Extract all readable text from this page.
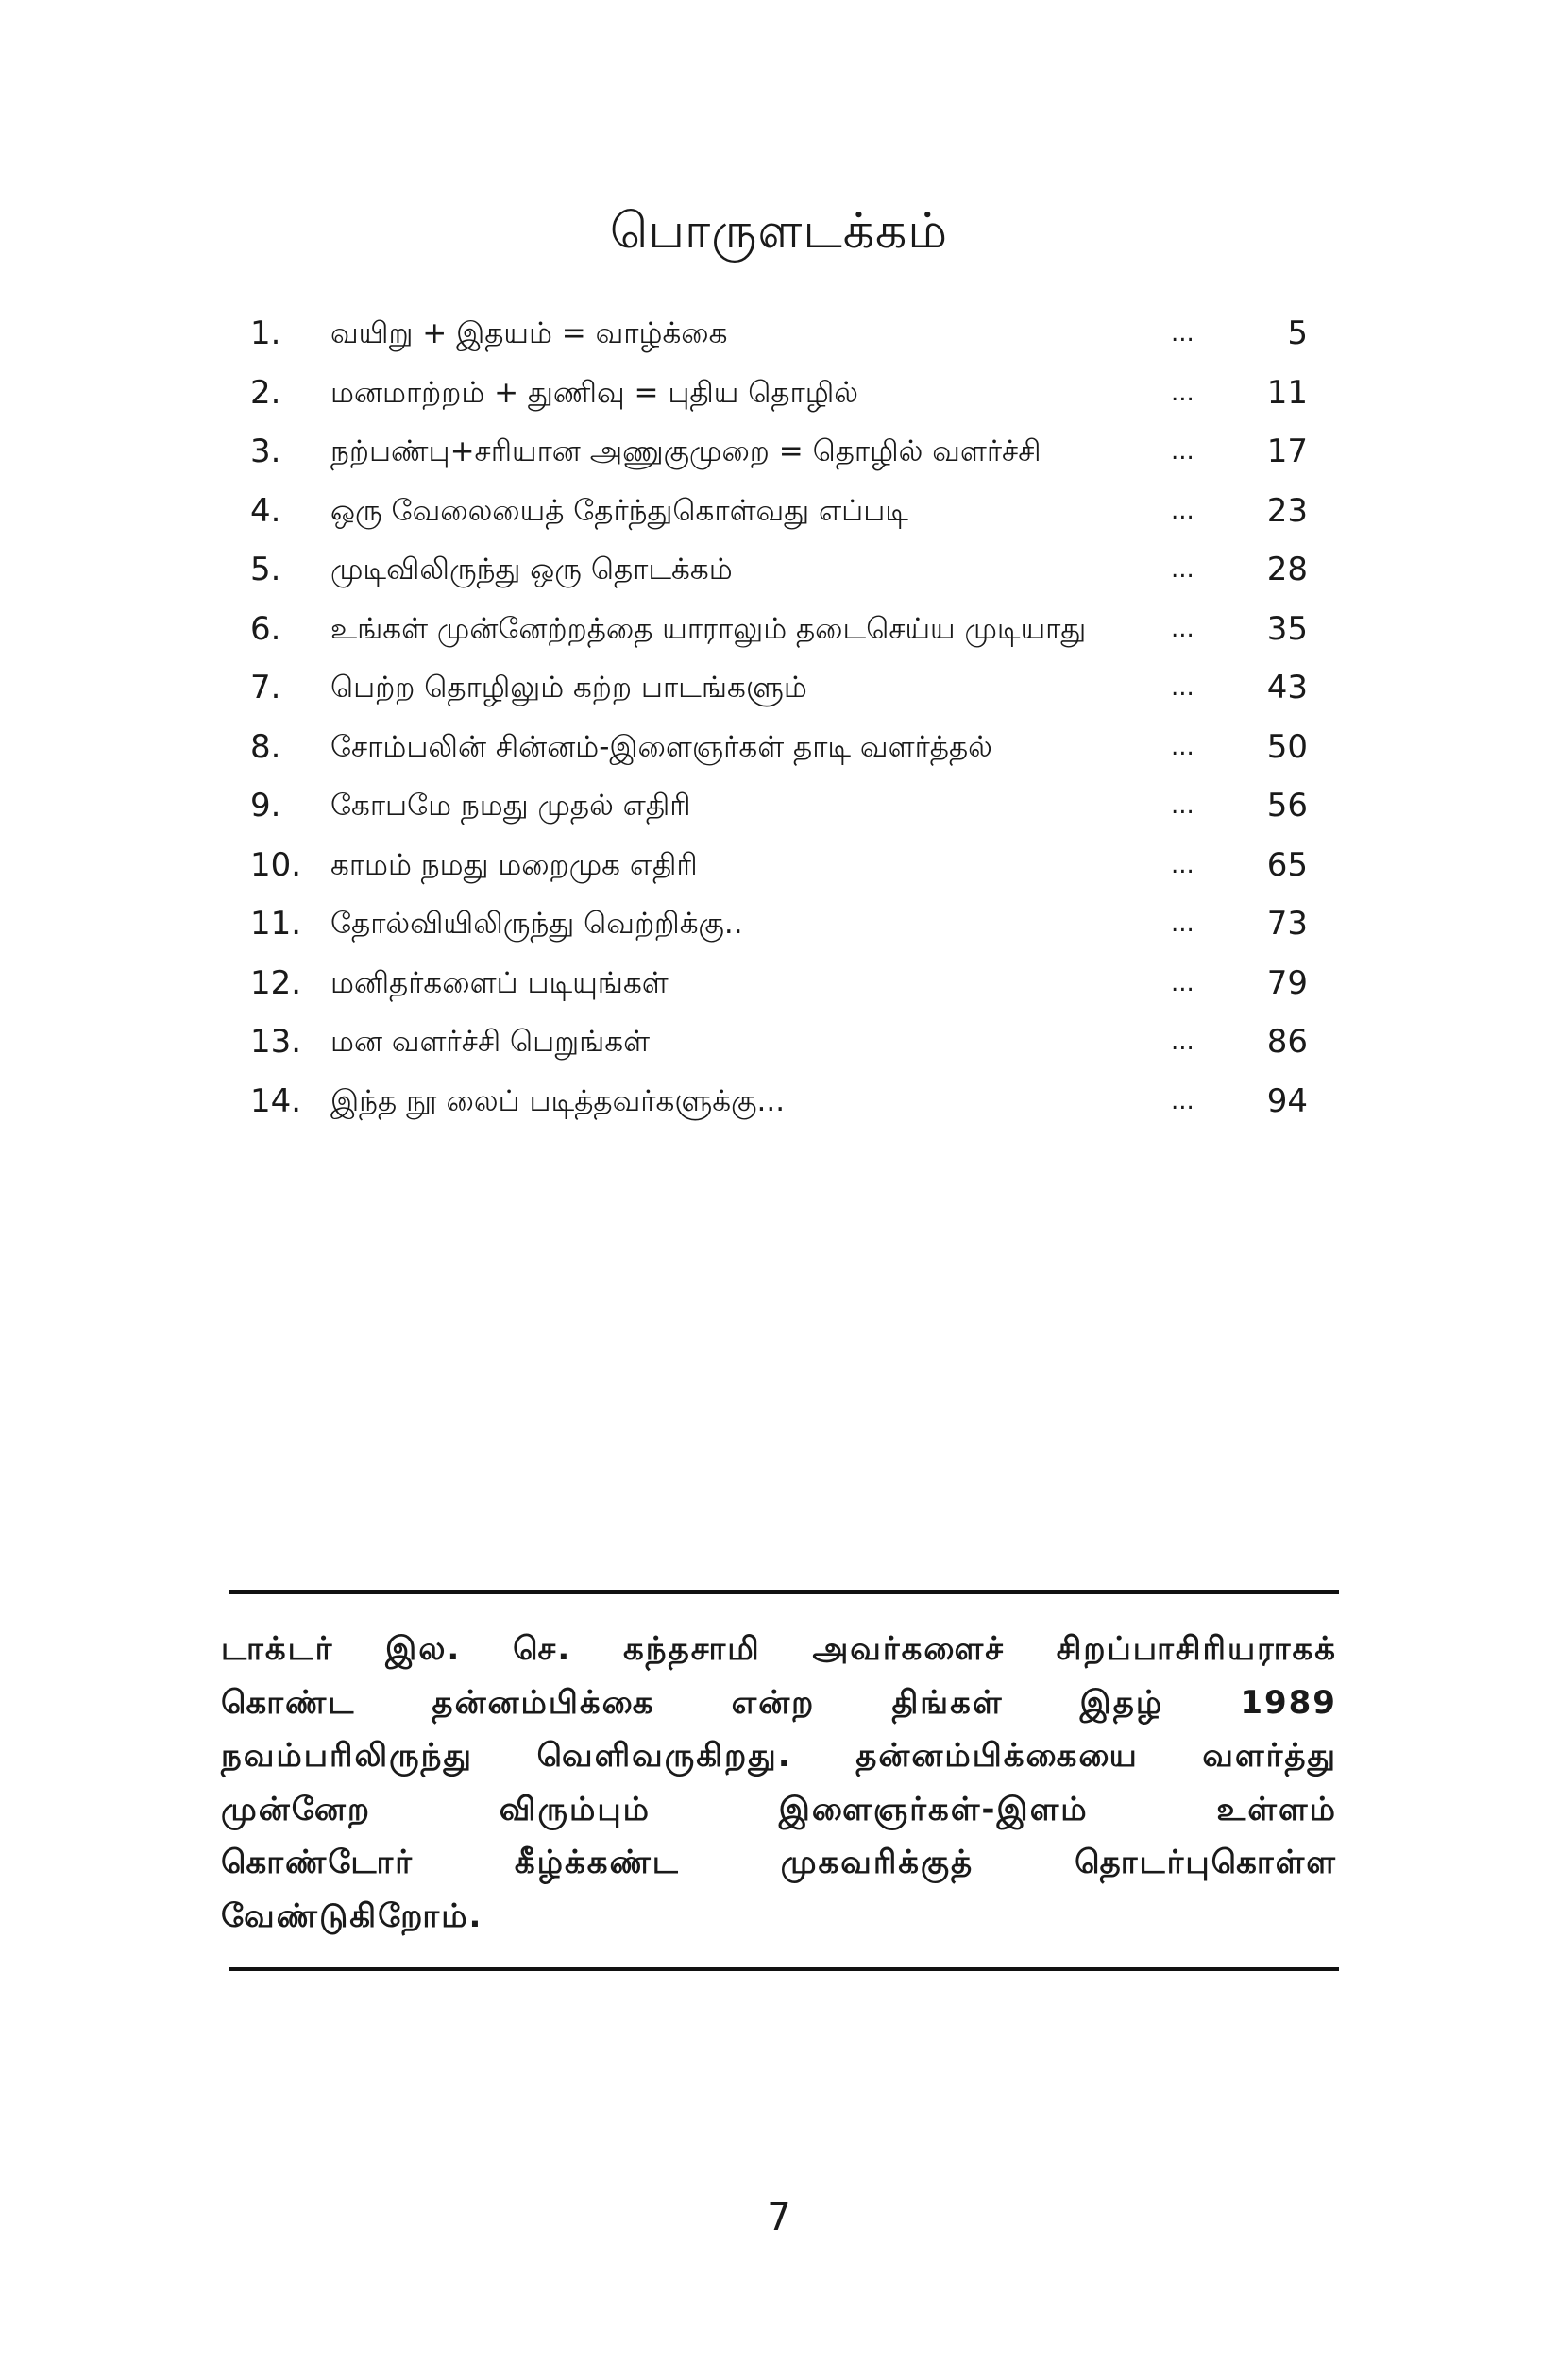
பொருளடக்கம்
1.	வயிறு + இதயம் = வாழ்க்கை	...	5
2.	மனமாற்றம் + துணிவு = புதிய தொழில்	...	11
3.	நற்பண்பு+சரியான அணுகுமுறை = தொழில் வளர்ச்சி	...	17
4.	ஒரு வேலையைத் தேர்ந்துகொள்வது எப்படி	...	23
5.	முடிவிலிருந்து ஒரு தொடக்கம்	...	28
6.	உங்கள் முன்னேற்றத்தை யாராலும் தடைசெய்ய முடியாது	...	35
7.	பெற்ற தொழிலும் கற்ற பாடங்களும்	...	43
8.	சோம்பலின் சின்னம்-இளைஞர்கள் தாடி வளர்த்தல்	...	50
9.	கோபமே நமது முதல் எதிரி	...	56
10. காமம் நமது மறைமுக எதிரி	...	65
11. தோல்வியிலிருந்து வெற்றிக்கு..	...	73
12. மனிதர்களைப் படியுங்கள்	...	79
13. மன வளர்ச்சி பெறுங்கள்	...	86
14. இந்த நூ லைப் படித்தவர்களுக்கு...	...	94
டாக்டர் இல. செ. கந்தசாமி அவர்களைச் சிறப்பாசிரியராகக்
கொண்ட தன்னம்பிக்கை என்ற திங்கள் இதழ் 1989
நவம்பரிலிருந்து வெளிவருகிறது. தன்னம்பிக்கையை வளர்த்து
முன்னேற	விரும்பும்	இளைஞர்கள்-இளம்	உள்ளம்
கொண்டோர்	கீழ்க்கண்ட	முகவரிக்குத்	தொடர்புகொள்ள
வேண்டுகிறோம்.
7
